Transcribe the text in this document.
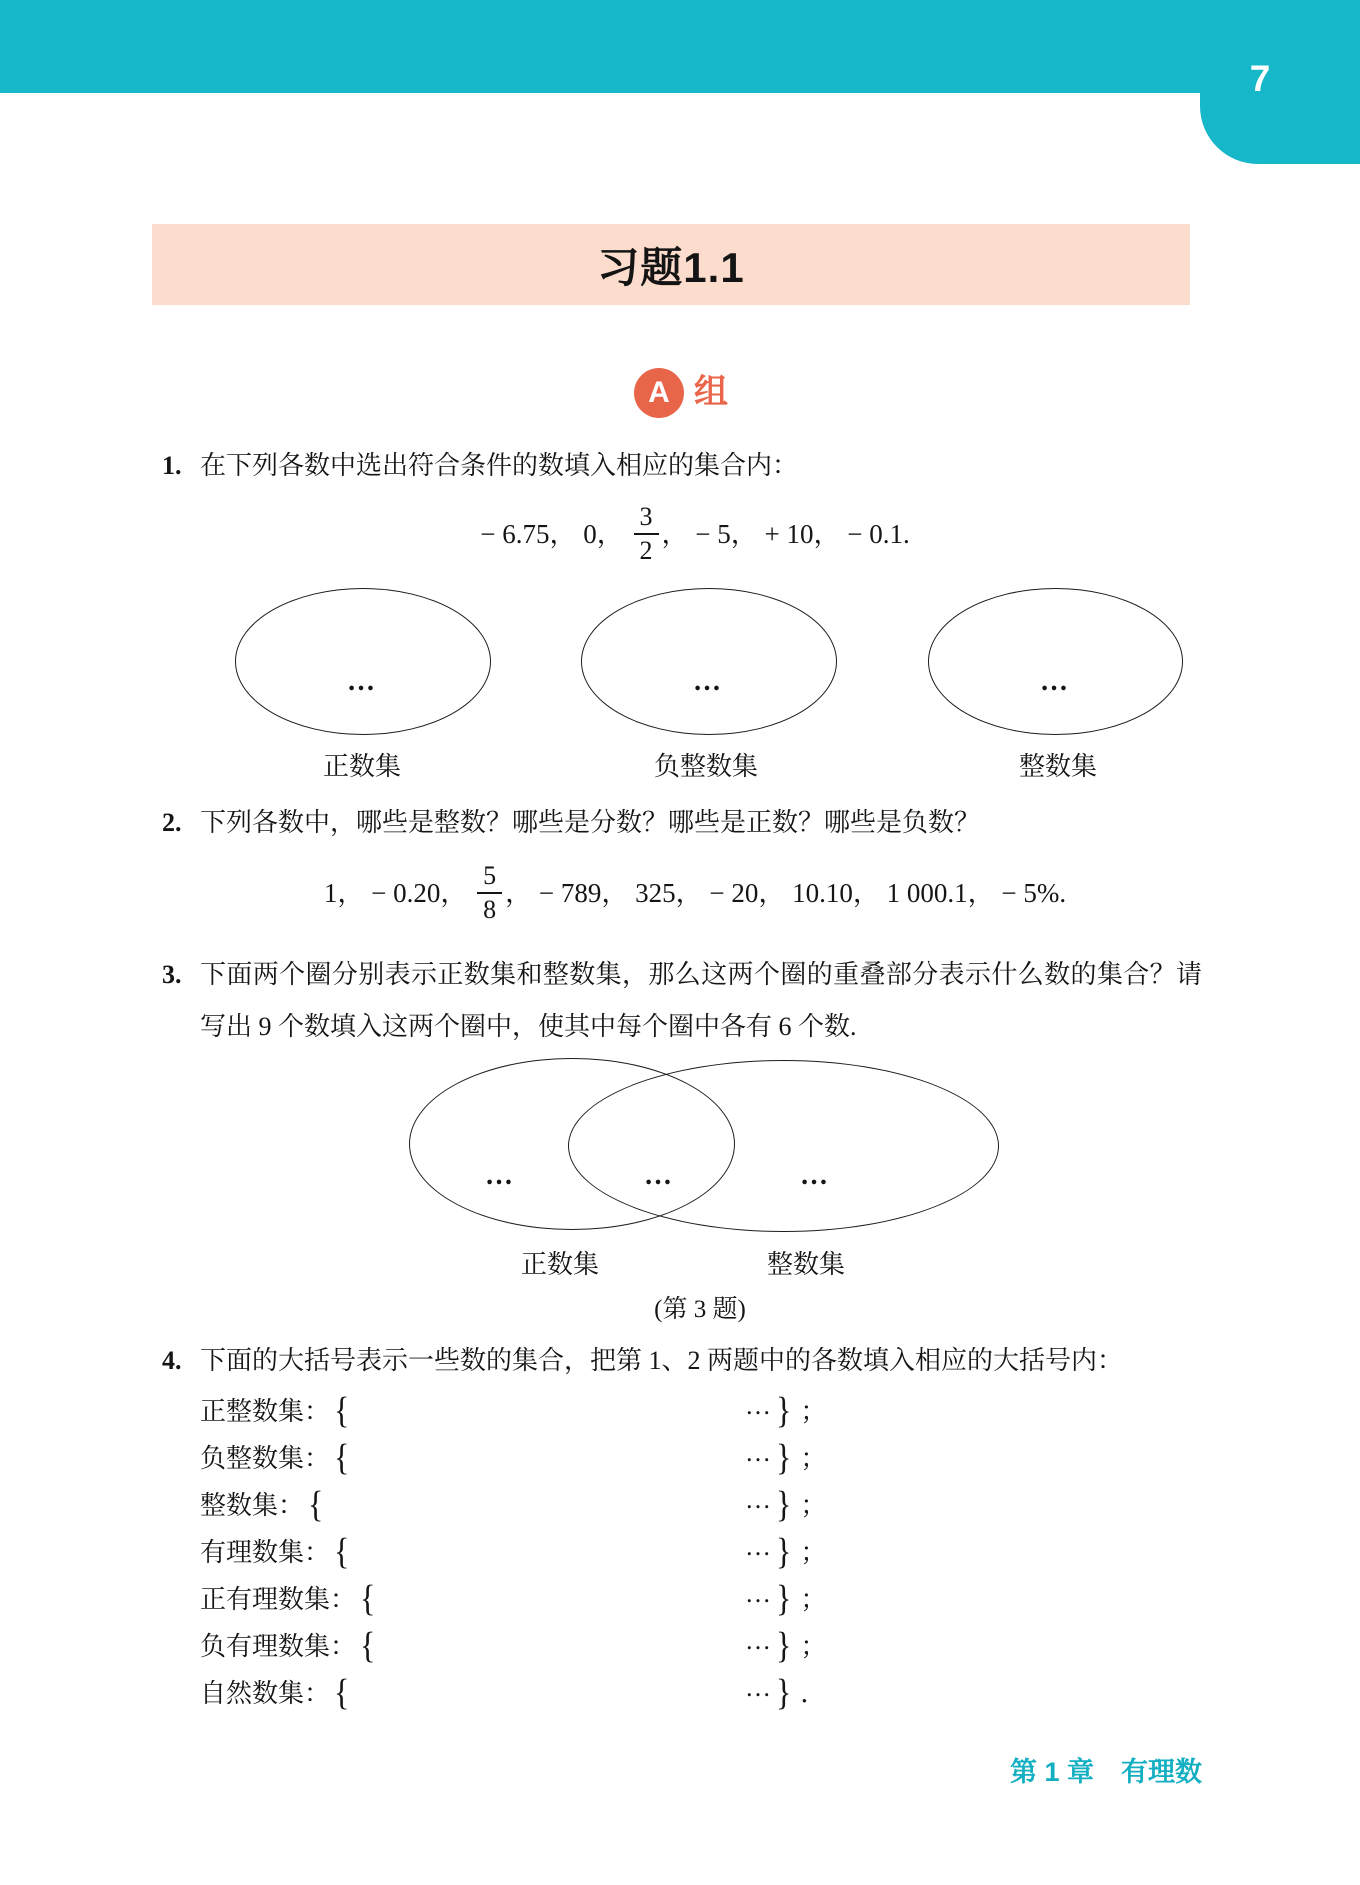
7
习题1.1
A 组
1. 在下列各数中选出符合条件的数填入相应的集合内：
− 6.75， 0， $\frac{3}{2}$ ， − 5， + 10， − 0.1.
…	…	…
正数集	负整数集	整数集
2. 下列各数中，哪些是整数？哪些是分数？哪些是正数？哪些是负数？
1， − 0.20， $\frac{5}{8}$ ， − 789， 325， − 20， 10.10， 1 000.1， − 5%.
3. 下面两个圈分别表示正数集和整数集，那么这两个圈的重叠部分表示什么数的集合？请写出 9 个数填入这两个圈中，使其中每个圈中各有 6 个数.
…	…	…
正数集	整数集
(第 3 题)
4. 下面的大括号表示一些数的集合，把第 1、2 两题中的各数填入相应的大括号内：
正整数集： {	… } ；
负整数集： {	… } ；
整数集： {	… } ；
有理数集： {	… } ；
正有理数集： {	… } ；
负有理数集： {	… } ；
自然数集： {	… } ．
第 1 章　有理数
